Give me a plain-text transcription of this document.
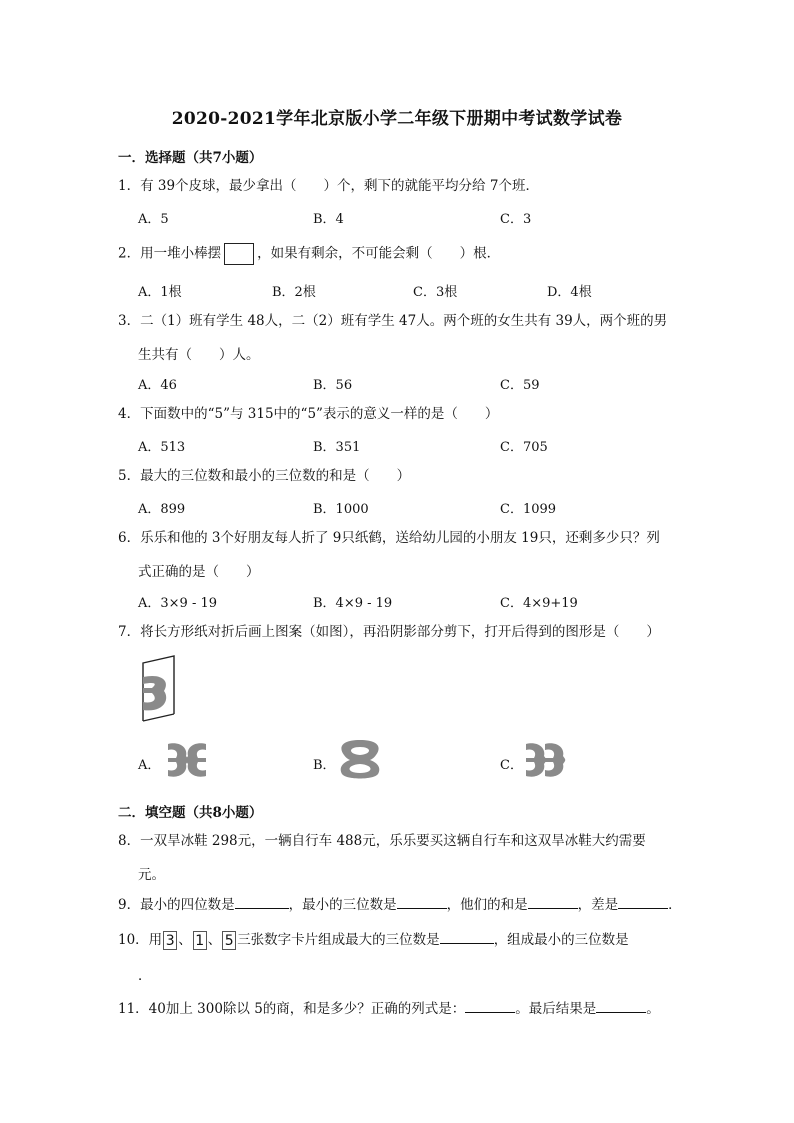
2020-2021学年北京版小学二年级下册期中考试数学试卷
一．选择题（共7小题）
1．有 39个皮球，最少拿出（　　）个，剩下的就能平均分给 7个班．
A．5	B．4	C．3
2．用一堆小棒摆	，如果有剩余，不可能会剩（　　）根．
A．1根	B．2根	C．3根	D．4根
3．二（1）班有学生 48人，二（2）班有学生 47人。两个班的女生共有 39人，两个班的男
生共有（　　）人。
A．46	B．56	C．59
4．下面数中的“5”与 315中的“5”表示的意义一样的是（　　）
A．513	B．351	C．705
5．最大的三位数和最小的三位数的和是（　　）
A．899	B．1000	C．1099
6．乐乐和他的 3个好朋友每人折了 9只纸鹤，送给幼儿园的小朋友 19只，还剩多少只？列
式正确的是（　　）
A．3×9 - 19	B．4×9 - 19	C．4×9+19
7．将长方形纸对折后画上图案（如图），再沿阴影部分剪下，打开后得到的图形是（　　）
A．	B．	C．
二．填空题（共8小题）
8．一双旱冰鞋 298元，一辆自行车 488元，乐乐要买这辆自行车和这双旱冰鞋大约需要
元。
9．最小的四位数是	，最小的三位数是	，他们的和是	，差是	．
10．用 3 、 1 、 5 三张数字卡片组成最大的三位数是	，组成最小的三位数是
．
11．40加上 300除以 5的商，和是多少？正确的列式是：	。最后结果是	。
